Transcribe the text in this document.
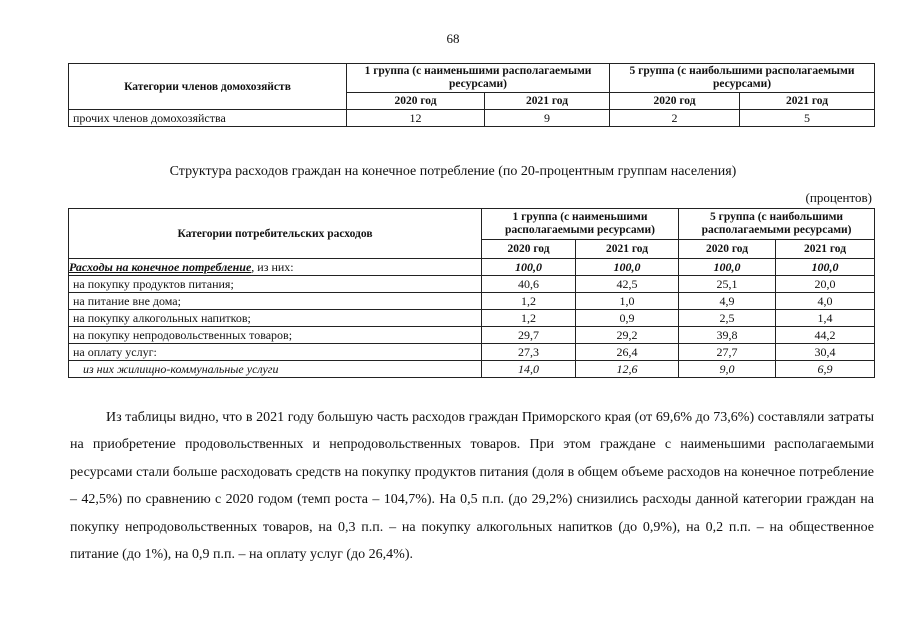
68
Категории членов домохозяйств	1 группа (с наименьшими располагаемыми ресурсами)		5 группа (с наибольшими располагаемыми ресурсами)	
	2020 год	2021 год	2020 год	2021 год
прочих членов домохозяйства	12	9	2	5
Структура расходов граждан на конечное потребление (по 20-процентным группам населения)
(процентов)
Категории потребительских расходов	1 группа (с наименьшими располагаемыми ресурсами)		5 группа (с наибольшими располагаемыми ресурсами)	
	2020 год	2021 год	2020 год	2021 год
Расходы на конечное потребление, из них:	100,0	100,0	100,0	100,0
на покупку продуктов питания;	40,6	42,5	25,1	20,0
на питание вне дома;	1,2	1,0	4,9	4,0
на покупку алкогольных напитков;	1,2	0,9	2,5	1,4
на покупку непродовольственных товаров;	29,7	29,2	39,8	44,2
на оплату услуг:	27,3	26,4	27,7	30,4
из них жилищно-коммунальные услуги	14,0	12,6	9,0	6,9

Из таблицы видно, что в 2021 году большую часть расходов граждан Приморского края (от 69,6% до 73,6%) составляли затраты на приобретение продовольственных и непродовольственных товаров. При этом граждане с наименьшими располагаемыми ресурсами стали больше расходовать средств на покупку продуктов питания (доля в общем объеме расходов на конечное потребление – 42,5%) по сравнению с 2020 годом (темп роста – 104,7%). На 0,5 п.п. (до 29,2%) снизились расходы данной категории граждан на покупку непродовольственных товаров, на 0,3 п.п. – на покупку алкогольных напитков (до 0,9%), на 0,2 п.п. – на общественное питание (до 1%), на 0,9 п.п. – на оплату услуг (до 26,4%).
